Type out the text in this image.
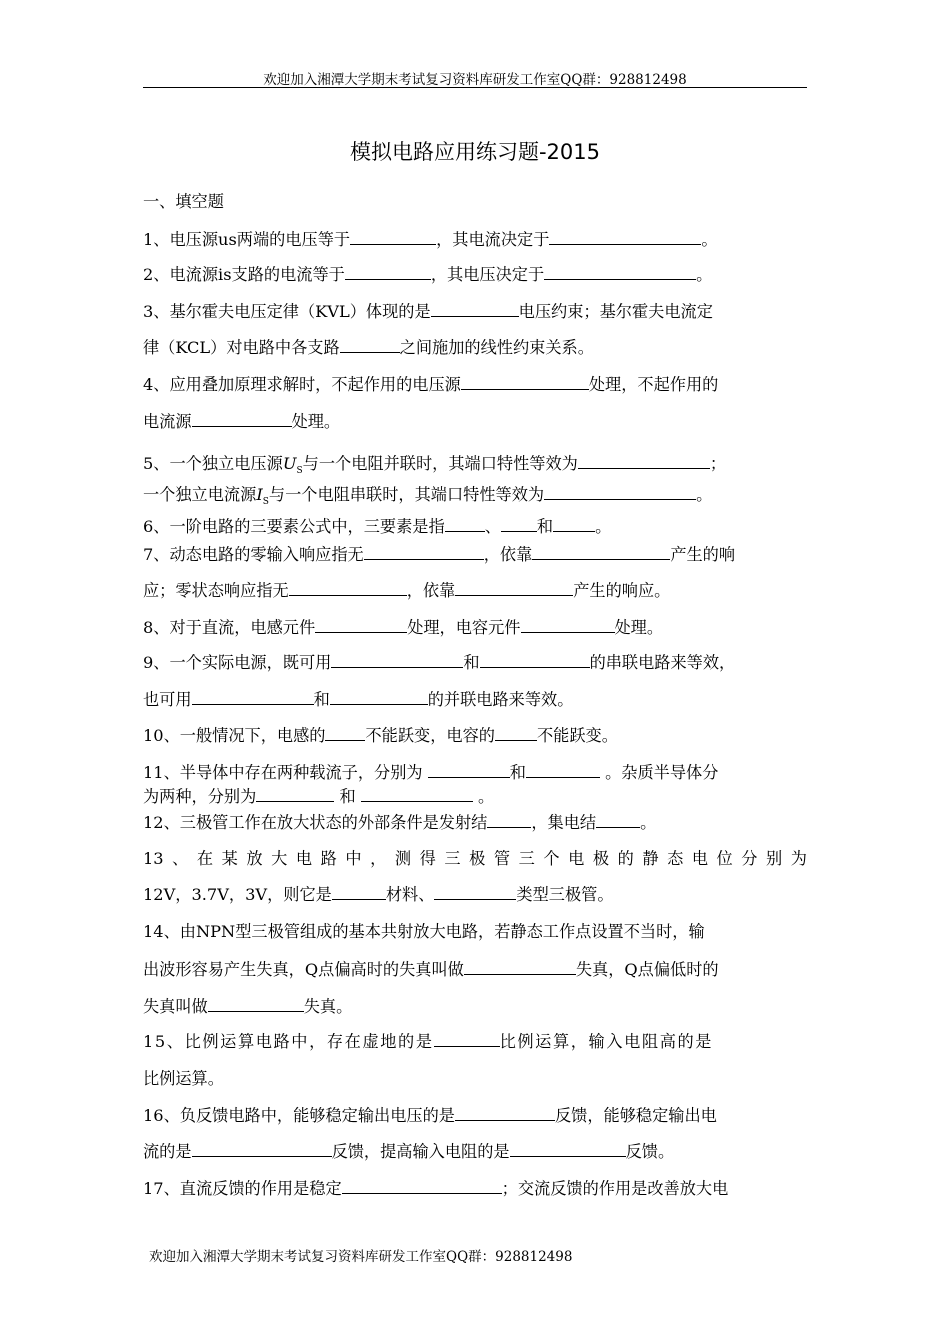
欢迎加入湘潭大学期末考试复习资料库研发工作室QQ群：928812498
模拟电路应用练习题-2015
一、填空题
1、电压源us两端的电压等于	，其电流决定于	。
2、电流源is支路的电流等于	，其电压决定于	。
3、基尔霍夫电压定律（KVL）体现的是	电压约束；基尔霍夫电流定
律（KCL）对电路中各支路	之间施加的线性约束关系。
4、应用叠加原理求解时，不起作用的电压源	处理，不起作用的
电流源	处理。
5、一个独立电压源$U_S$与一个电阻并联时，其端口特性等效为	；
一个独立电流源$I_S$与一个电阻串联时，其端口特性等效为	。
6、一阶电路的三要素公式中，三要素是指 、 和	。
7、动态电路的零输入响应指无	，依靠	产生的响
应；零状态响应指无	，依靠	产生的响应。
8、对于直流，电感元件	处理，电容元件	处理。
9、一个实际电源，既可用	和	的串联电路来等效，
也可用	和	的并联电路来等效。
10、一般情况下，电感的 不能跃变，电容的	不能跃变。
11、半导体中存在两种载流子，分别为	和	。杂质半导体分
为两种，分别为	和	。
12、三极管工作在放大状态的外部条件是发射结	，集电结	。
13、在某放大电路中，测得三极管三个电极的静态电位分别为
12V，3.7V，3V，则它是	材料、	类型三极管。
14、由NPN型三极管组成的基本共射放大电路，若静态工作点设置不当时，输
出波形容易产生失真，Q点偏高时的失真叫做	失真，Q点偏低时的
失真叫做	失真。
15、比例运算电路中，存在虚地的是	比例运算，输入电阻高的是
比例运算。
16、负反馈电路中，能够稳定输出电压的是	反馈，能够稳定输出电
流的是	反馈，提高输入电阻的是	反馈。
17、直流反馈的作用是稳定	；交流反馈的作用是改善放大电
欢迎加入湘潭大学期末考试复习资料库研发工作室QQ群：928812498
